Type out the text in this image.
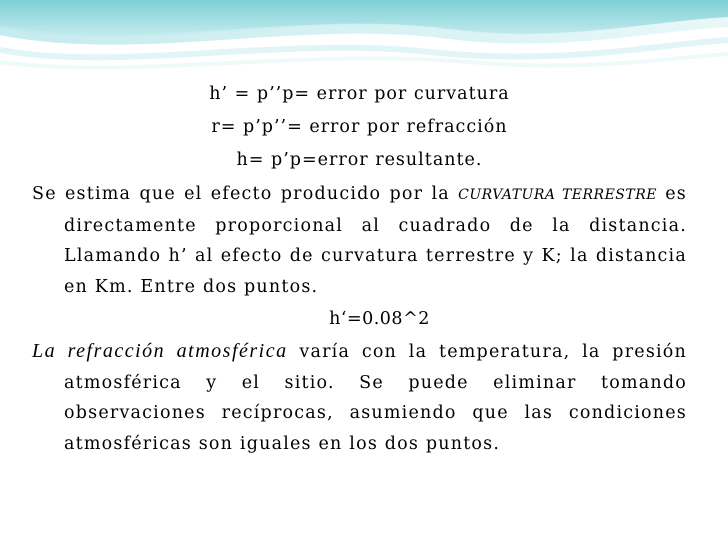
h’ = p’’p= error por curvatura
r= p’p’’= error por refracción
h= p’p=error resultante.

Se estima que el efecto producido por la CURVATURA TERRESTRE es directamente proporcional al cuadrado de la distancia. Llamando h’ al efecto de curvatura terrestre y K; la distancia en Km. Entre dos puntos.

h‘=0.08^2

La refracción atmosférica varía con la temperatura, la presión atmosférica y el sitio. Se puede eliminar tomando observaciones recíprocas, asumiendo que las condiciones atmosféricas son iguales en los dos puntos.
